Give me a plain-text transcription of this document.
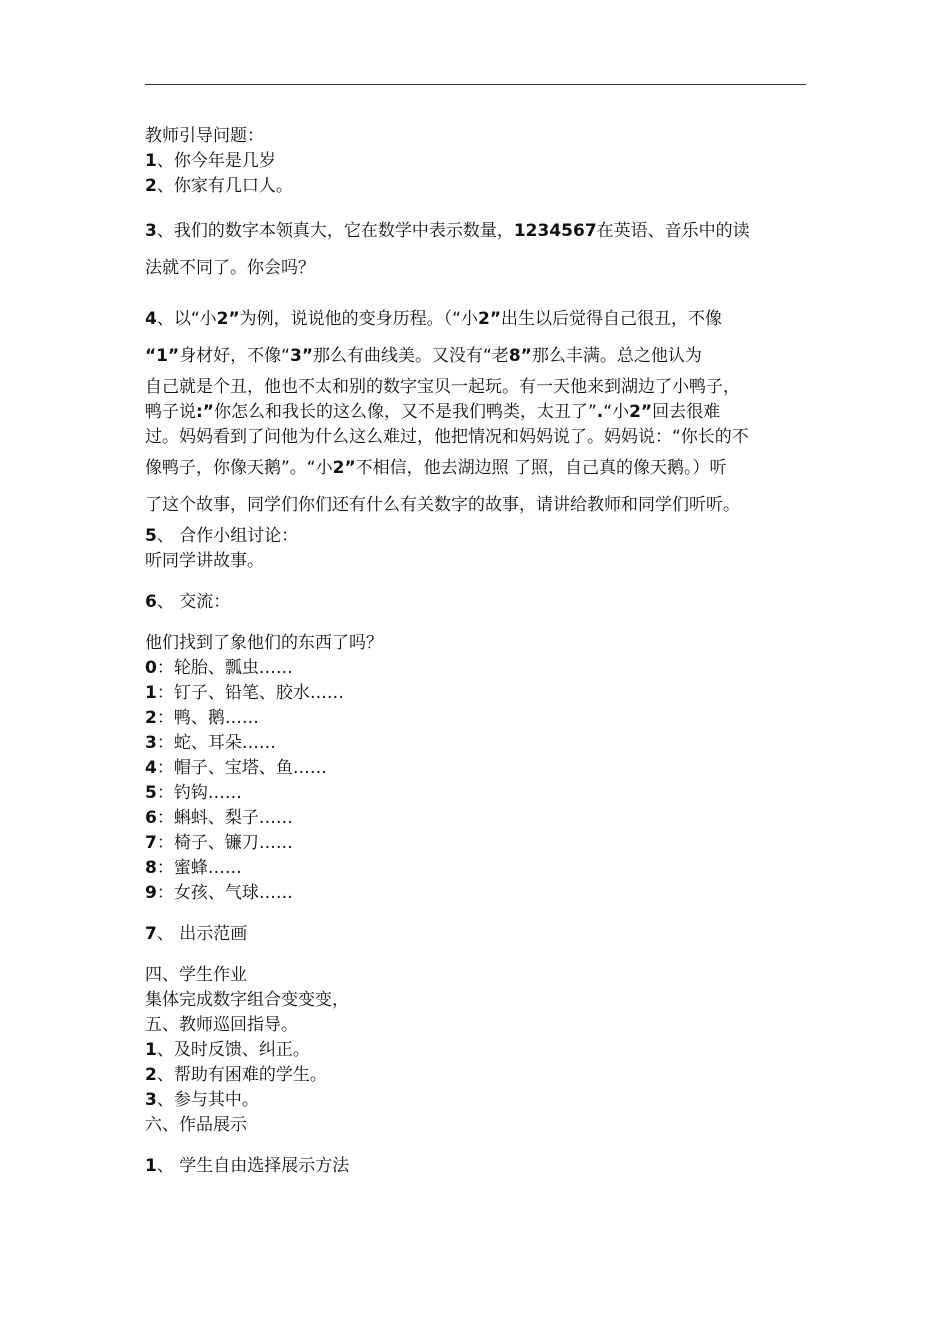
教师引导问题：

1、你今年是几岁

2、你家有几口人。

3、我们的数字本领真大，它在数学中表示数量，1234567在英语、音乐中的读

法就不同了。你会吗？

4、以“小2”为例，说说他的变身历程。（“小2”出生以后觉得自己很丑，不像

“1”身材好，不像“3”那么有曲线美。又没有“老8”那么丰满。总之他认为

自己就是个丑，他也不太和别的数字宝贝一起玩。有一天他来到湖边了小鸭子，

鸭子说:”你怎么和我长的这么像，又不是我们鸭类，太丑了”.“小2”回去很难

过。妈妈看到了问他为什么这么难过，他把情况和妈妈说了。妈妈说：“你长的不

像鸭子，你像天鹅”。“小2”不相信，他去湖边照 了照，自己真的像天鹅。）听

了这个故事，同学们你们还有什么有关数字的故事，请讲给教师和同学们听听。

5、 合作小组讨论：

听同学讲故事。

6、 交流：

他们找到了象他们的东西了吗？

0：轮胎、瓢虫……

1：钉子、铅笔、胶水……

2：鸭、鹅……

3：蛇、耳朵……

4：帽子、宝塔、鱼……

5：钓钩……

6：蝌蚪、梨子……

7：椅子、镰刀……

8：蜜蜂……

9：女孩、气球……

7、 出示范画

四、学生作业

集体完成数字组合变变变，

五、教师巡回指导。

1、及时反馈、纠正。

2、帮助有困难的学生。

3、参与其中。

六、作品展示

1、 学生自由选择展示方法
